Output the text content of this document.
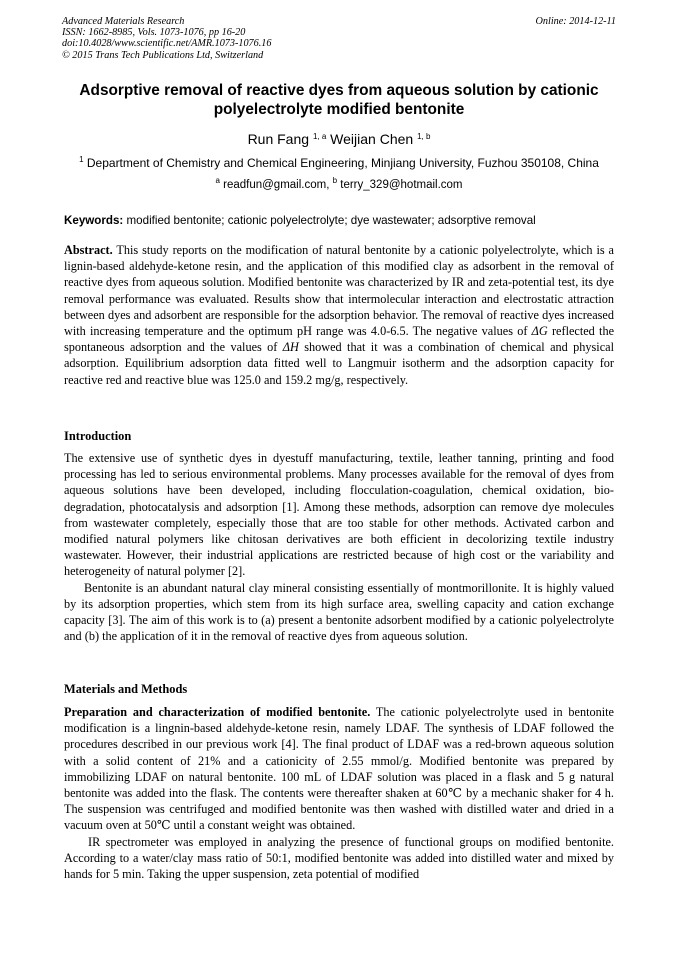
Advanced Materials Research
ISSN: 1662-8985, Vols. 1073-1076, pp 16-20
doi:10.4028/www.scientific.net/AMR.1073-1076.16
© 2015 Trans Tech Publications Ltd, Switzerland
Online: 2014-12-11
Adsorptive removal of reactive dyes from aqueous solution by cationic polyelectrolyte modified bentonite
Run Fang $^{1, a}$ Weijian Chen $^{1, b}$
$^1$ Department of Chemistry and Chemical Engineering, Minjiang University, Fuzhou 350108, China
$^a$ readfun@gmail.com, $^b$ terry_329@hotmail.com
Keywords: modified bentonite; cationic polyelectrolyte; dye wastewater; adsorptive removal

Abstract. This study reports on the modification of natural bentonite by a cationic polyelectrolyte, which is a lignin-based aldehyde-ketone resin, and the application of this modified clay as adsorbent in the removal of reactive dyes from aqueous solution. Modified bentonite was characterized by IR and zeta-potential test, its dye removal performance was evaluated. Results show that intermolecular interaction and electrostatic attraction between dyes and adsorbent are responsible for the adsorption behavior. The removal of reactive dyes increased with increasing temperature and the optimum pH range was 4.0-6.5. The negative values of ΔG reflected the spontaneous adsorption and the values of ΔH showed that it was a combination of chemical and physical adsorption. Equilibrium adsorption data fitted well to Langmuir isotherm and the adsorption capacity for reactive red and reactive blue was 125.0 and 159.2 mg/g, respectively.

Introduction

The extensive use of synthetic dyes in dyestuff manufacturing, textile, leather tanning, printing and food processing has led to serious environmental problems. Many processes available for the removal of dyes from aqueous solutions have been developed, including flocculation-coagulation, chemical oxidation, bio-degradation, photocatalysis and adsorption [1]. Among these methods, adsorption can remove dye molecules from wastewater completely, especially those that are too stable for other methods. Activated carbon and modified natural polymers like chitosan derivatives are both efficient in decolorizing textile industry wastewater. However, their industrial applications are restricted because of high cost or the variability and heterogeneity of natural polymer [2].

Bentonite is an abundant natural clay mineral consisting essentially of montmorillonite. It is highly valued by its adsorption properties, which stem from its high surface area, swelling capacity and cation exchange capacity [3]. The aim of this work is to (a) present a bentonite adsorbent modified by a cationic polyelectrolyte and (b) the application of it in the removal of reactive dyes from aqueous solution.

Materials and Methods

Preparation and characterization of modified bentonite. The cationic polyelectrolyte used in bentonite modification is a lingnin-based aldehyde-ketone resin, namely LDAF. The synthesis of LDAF followed the procedures described in our previous work [4]. The final product of LDAF was a red-brown aqueous solution with a solid content of 21% and a cationicity of 2.55 mmol/g. Modified bentonite was prepared by immobilizing LDAF on natural bentonite. 100 mL of LDAF solution was placed in a flask and 5 g natural bentonite was added into the flask. The contents were thereafter shaken at 60℃ by a mechanic shaker for 4 h. The suspension was centrifuged and modified bentonite was then washed with distilled water and dried in a vacuum oven at 50℃ until a constant weight was obtained.

IR spectrometer was employed in analyzing the presence of functional groups on modified bentonite. According to a water/clay mass ratio of 50:1, modified bentonite was added into distilled water and mixed by hands for 5 min. Taking the upper suspension, zeta potential of modified
